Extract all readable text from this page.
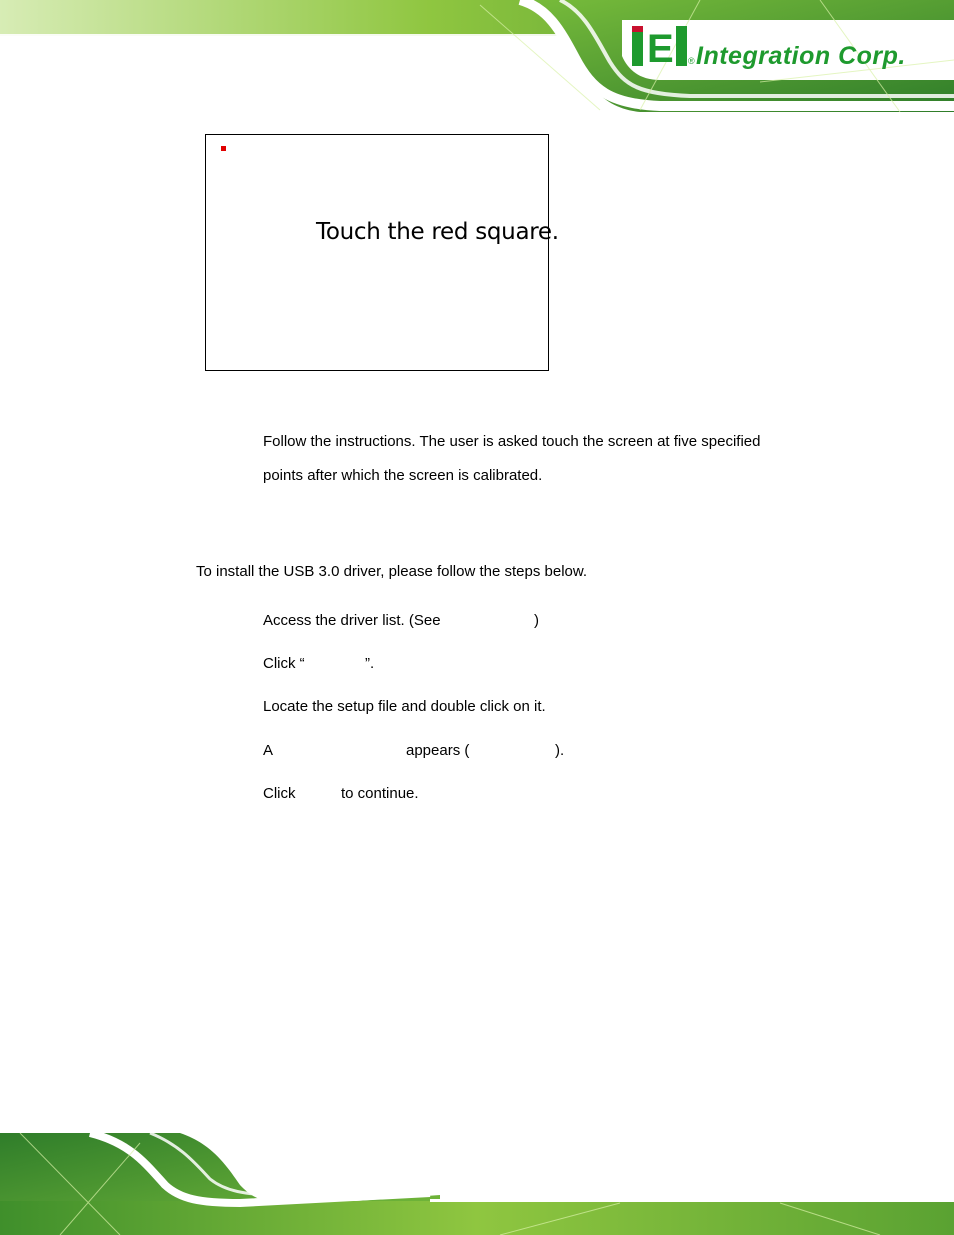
E ® Integration Corp.
Touch the red square.
Follow the instructions. The user is asked touch the screen at five specified
points after which the screen is calibrated.
To install the USB 3.0 driver, please follow the steps below.
Access the driver list. (See	)
Click “	”.
Locate the setup file and double click on it.
A	appears (	).
Click	to continue.
